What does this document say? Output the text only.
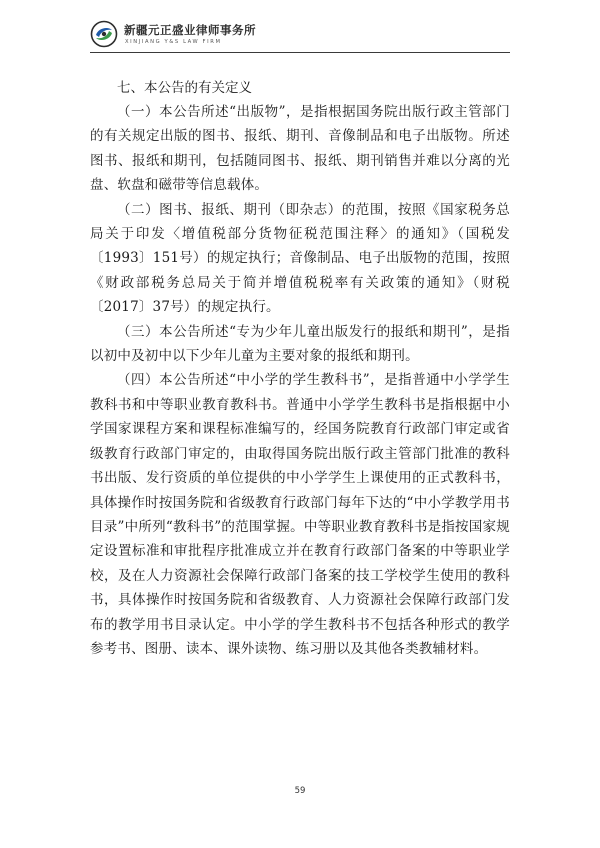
新疆元正盛业律师事务所
XINJIANG Y&S LAW FIRM

七、本公告的有关定义

（一）本公告所述“出版物”，是指根据国务院出版行政主管部门的有关规定出版的图书、报纸、期刊、音像制品和电子出版物。所述图书、报纸和期刊，包括随同图书、报纸、期刊销售并难以分离的光盘、软盘和磁带等信息载体。

（二）图书、报纸、期刊（即杂志）的范围，按照《国家税务总局关于印发〈增值税部分货物征税范围注释〉的通知》（国税发〔1993〕151号）的规定执行；音像制品、电子出版物的范围，按照《财政部税务总局关于简并增值税税率有关政策的通知》（财税〔2017〕37号）的规定执行。

（三）本公告所述“专为少年儿童出版发行的报纸和期刊”，是指以初中及初中以下少年儿童为主要对象的报纸和期刊。

（四）本公告所述“中小学的学生教科书”，是指普通中小学学生教科书和中等职业教育教科书。普通中小学学生教科书是指根据中小学国家课程方案和课程标准编写的，经国务院教育行政部门审定或省级教育行政部门审定的，由取得国务院出版行政主管部门批准的教科书出版、发行资质的单位提供的中小学学生上课使用的正式教科书，具体操作时按国务院和省级教育行政部门每年下达的“中小学教学用书目录”中所列“教科书”的范围掌握。中等职业教育教科书是指按国家规定设置标准和审批程序批准成立并在教育行政部门备案的中等职业学校，及在人力资源社会保障行政部门备案的技工学校学生使用的教科书，具体操作时按国务院和省级教育、人力资源社会保障行政部门发布的教学用书目录认定。中小学的学生教科书不包括各种形式的教学参考书、图册、读本、课外读物、练习册以及其他各类教辅材料。

59
